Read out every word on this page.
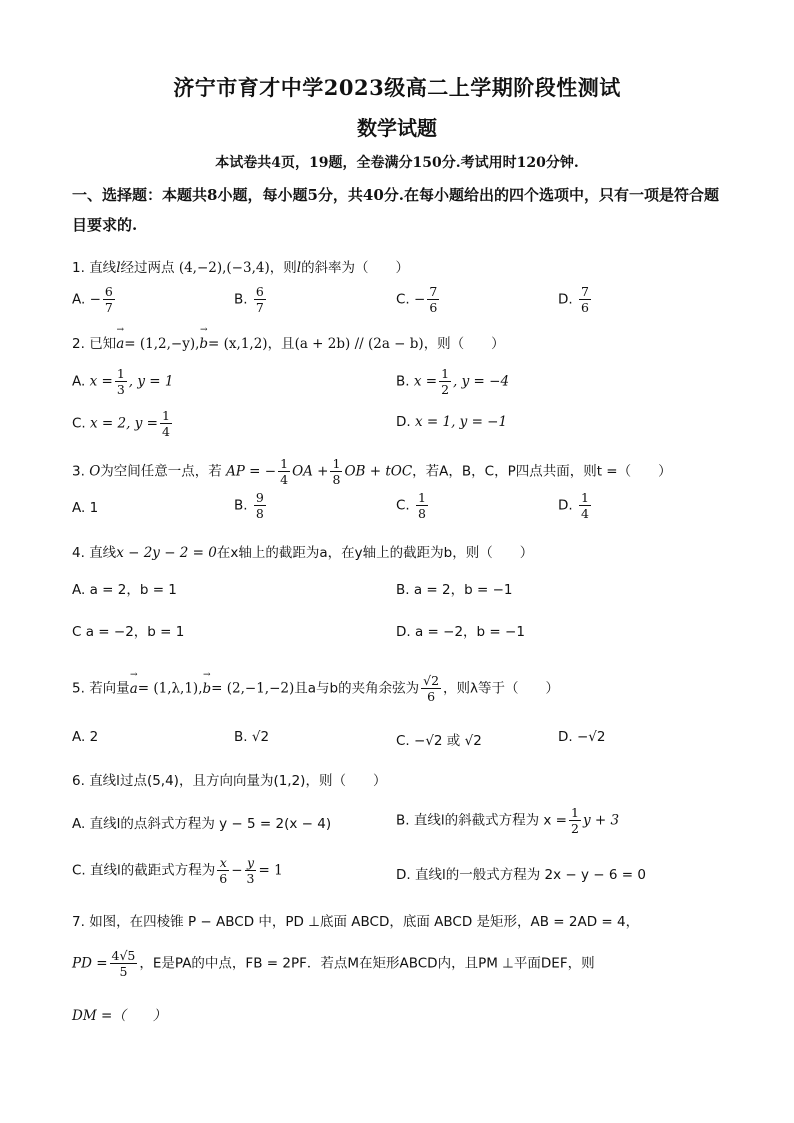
济宁市育才中学2023级高二上学期阶段性测试
数学试题
本试卷共4页，19题，全卷满分150分.考试用时120分钟.
一、选择题：本题共8小题，每小题5分，共40分.在每小题给出的四个选项中，只有一项是符合题目要求的.
1. 直线l经过两点 (4,−2),(−3,4)，则l的斜率为（　　）
A. − $\frac{6}{7}$	B. $\frac{6}{7}$	C. − $\frac{7}{6}$	D. $\frac{7}{6}$
2. 已知→ a= (1,2,−y),→ b= (x,1,2)，且(a + 2b) // (2a − b)，则（　　）
A. $x = \frac{1}{3}$ , y = 1	B. $x = \frac{1}{2}$ , y = −4
C. x = 2, $y = \frac{1}{4}$	D. x = 1, y = −1
3. O为空间任意一点，若 AP = − $\frac{1}{4}$ OA + $\frac{1}{8}$ OB + tOC，若A，B，C，P四点共面，则t =（　　）
A. 1	B. $\frac{9}{8}$	C. $\frac{1}{8}$	D. $\frac{1}{4}$
4. 直线x − 2y − 2 = 0在x轴上的截距为a，在y轴上的截距为b，则（　　）
A. a = 2，b = 1	B. a = 2，b = −1
C a = −2，b = 1	D. a = −2，b = −1
5. 若向量→ a= (1,λ,1),→ b= (2,−1,−2)且a与b的夹角余弦为 $\frac{√2}{6}$ ，则λ等于（　　）
A. 2	B. √2	C. −√2 或 √2	D. −√2
6. 直线l过点(5,4)，且方向向量为(1,2)，则（　　）
A. 直线l的点斜式方程为 y − 5 = 2(x − 4)	B. 直线l的斜截式方程为 $x = \frac{1}{2}$ y + 3
C. 直线l的截距式方程为 $\frac{x}{6} - \frac{y}{3} = 1$	D. 直线l的一般式方程为 2x − y − 6 = 0
7. 如图，在四棱锥 P − ABCD 中，PD ⊥底面 ABCD，底面 ABCD 是矩形，AB = 2AD = 4，
PD = $\frac{4√5}{5}$ ，E是PA的中点，FB = 2PF．若点M在矩形ABCD内，且PM ⊥平面DEF，则
DM =（　　）
